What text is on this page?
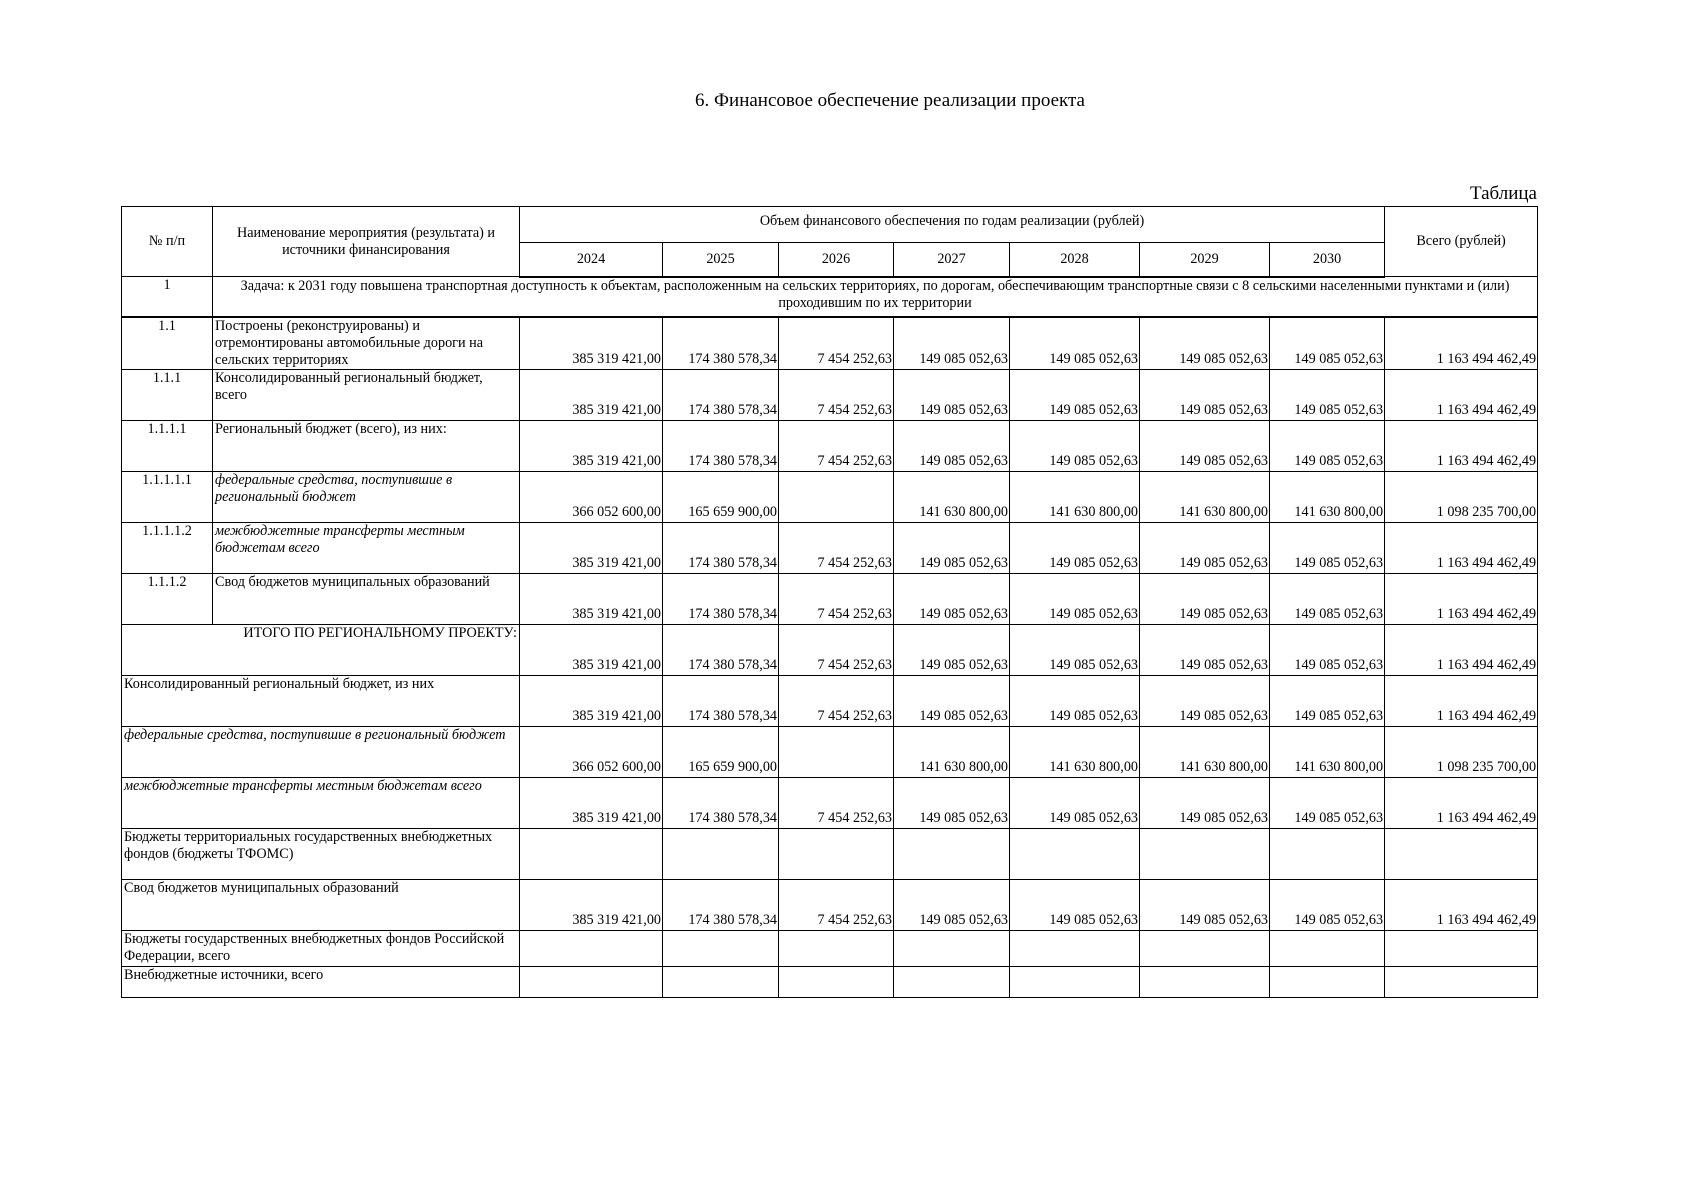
6. Финансовое обеспечение реализации проекта
Таблица
№ п/п	Наименование мероприятия (результата) и источники финансирования	Объем финансового обеспечения по годам реализации (рублей)							Всего (рублей)
		2024	2025	2026	2027	2028	2029	2030	
1	Задача: к 2031 году повышена транспортная доступность к объектам, расположенным на сельских территориях, по дорогам, обеспечивающим транспортные связи с 8 сельскими населенными пунктами и (или) проходившим по их территории								
1.1	Построены (реконструированы) и отремонтированы автомобильные дороги на сельских территориях	385 319 421,00	174 380 578,34	7 454 252,63	149 085 052,63	149 085 052,63	149 085 052,63	149 085 052,63	1 163 494 462,49
1.1.1	Консолидированный региональный бюджет, всего	385 319 421,00	174 380 578,34	7 454 252,63	149 085 052,63	149 085 052,63	149 085 052,63	149 085 052,63	1 163 494 462,49
1.1.1.1	Региональный бюджет (всего), из них:	385 319 421,00	174 380 578,34	7 454 252,63	149 085 052,63	149 085 052,63	149 085 052,63	149 085 052,63	1 163 494 462,49
1.1.1.1.1	федеральные средства, поступившие в региональный бюджет	366 052 600,00	165 659 900,00		141 630 800,00	141 630 800,00	141 630 800,00	141 630 800,00	1 098 235 700,00
1.1.1.1.2	межбюджетные трансферты местным бюджетам всего	385 319 421,00	174 380 578,34	7 454 252,63	149 085 052,63	149 085 052,63	149 085 052,63	149 085 052,63	1 163 494 462,49
1.1.1.2	Свод бюджетов муниципальных образований	385 319 421,00	174 380 578,34	7 454 252,63	149 085 052,63	149 085 052,63	149 085 052,63	149 085 052,63	1 163 494 462,49
ИТОГО ПО РЕГИОНАЛЬНОМУ ПРОЕКТУ:		385 319 421,00	174 380 578,34	7 454 252,63	149 085 052,63	149 085 052,63	149 085 052,63	149 085 052,63	1 163 494 462,49
Консолидированный региональный бюджет, из них		385 319 421,00	174 380 578,34	7 454 252,63	149 085 052,63	149 085 052,63	149 085 052,63	149 085 052,63	1 163 494 462,49
федеральные средства, поступившие в региональный бюджет		366 052 600,00	165 659 900,00		141 630 800,00	141 630 800,00	141 630 800,00	141 630 800,00	1 098 235 700,00
межбюджетные трансферты местным бюджетам всего		385 319 421,00	174 380 578,34	7 454 252,63	149 085 052,63	149 085 052,63	149 085 052,63	149 085 052,63	1 163 494 462,49
Бюджеты территориальных государственных внебюджетных фондов (бюджеты ТФОМС)									
Свод бюджетов муниципальных образований		385 319 421,00	174 380 578,34	7 454 252,63	149 085 052,63	149 085 052,63	149 085 052,63	149 085 052,63	1 163 494 462,49
Бюджеты государственных внебюджетных фондов Российской Федерации, всего									
Внебюджетные источники, всего									
